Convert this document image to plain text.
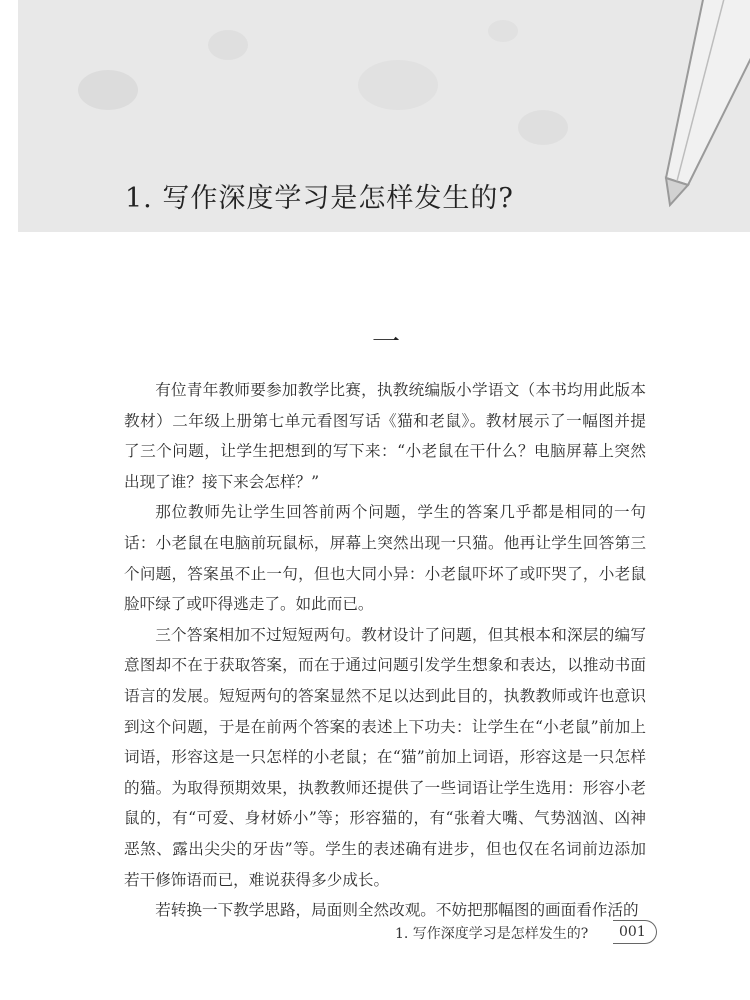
1. 写作深度学习是怎样发生的?
一

有位青年教师要参加教学比赛，执教统编版小学语文（本书均用此版本教材）二年级上册第七单元看图写话《猫和老鼠》。教材展示了一幅图并提了三个问题，让学生把想到的写下来：“小老鼠在干什么？电脑屏幕上突然出现了谁？接下来会怎样？”

那位教师先让学生回答前两个问题，学生的答案几乎都是相同的一句话：小老鼠在电脑前玩鼠标，屏幕上突然出现一只猫。他再让学生回答第三个问题，答案虽不止一句，但也大同小异：小老鼠吓坏了或吓哭了，小老鼠脸吓绿了或吓得逃走了。如此而已。

三个答案相加不过短短两句。教材设计了问题，但其根本和深层的编写意图却不在于获取答案，而在于通过问题引发学生想象和表达，以推动书面语言的发展。短短两句的答案显然不足以达到此目的，执教教师或许也意识到这个问题，于是在前两个答案的表述上下功夫：让学生在“小老鼠”前加上词语，形容这是一只怎样的小老鼠；在“猫”前加上词语，形容这是一只怎样的猫。为取得预期效果，执教教师还提供了一些词语让学生选用：形容小老鼠的，有“可爱、身材娇小”等；形容猫的，有“张着大嘴、气势汹汹、凶神恶煞、露出尖尖的牙齿”等。学生的表述确有进步，但也仅在名词前边添加若干修饰语而已，难说获得多少成长。

若转换一下教学思路，局面则全然改观。不妨把那幅图的画面看作活的

1. 写作深度学习是怎样发生的?	001
